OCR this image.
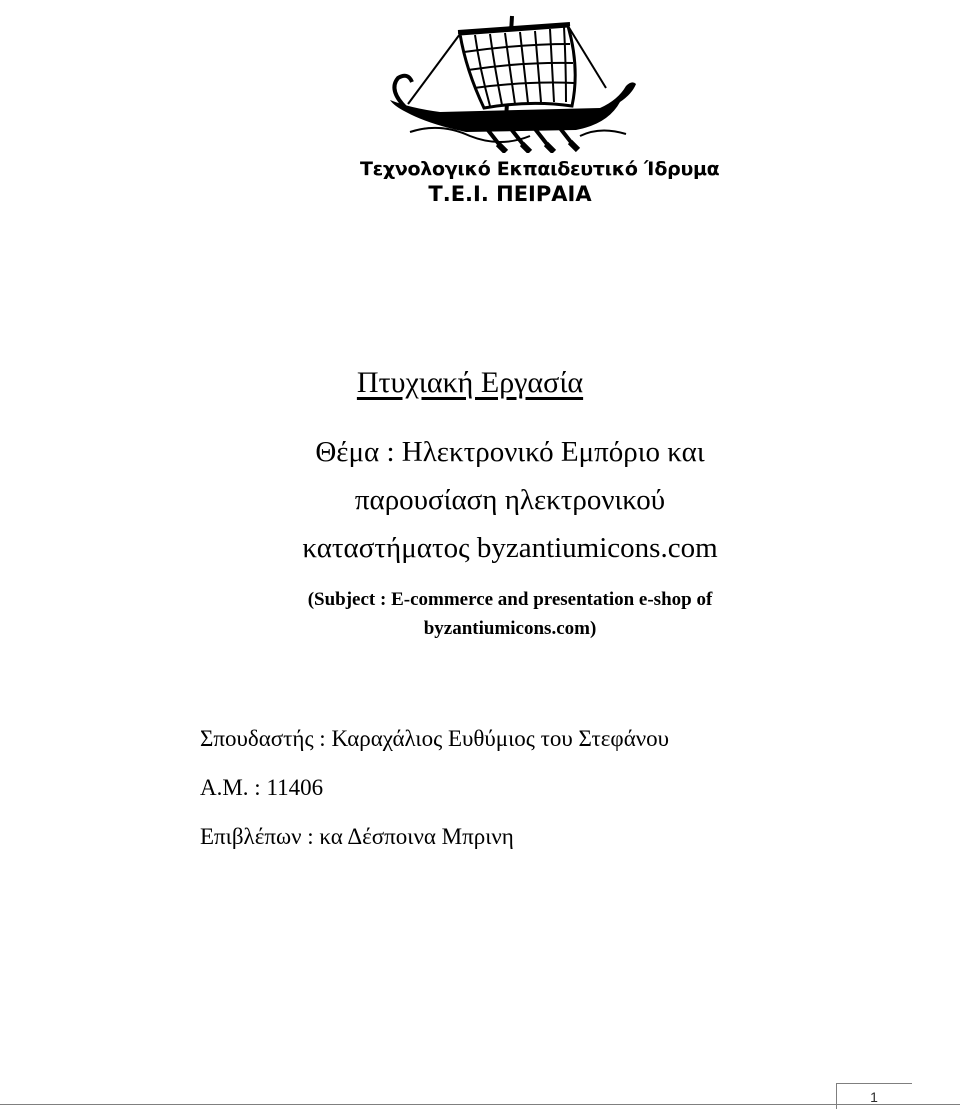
Τεχνολογικό Εκπαιδευτικό Ίδρυμα
Τ.Ε.Ι. ΠΕΙΡΑΙΑ
Πτυχιακή Εργασία
Θέμα : Ηλεκτρονικό Εμπόριο και
παρουσίαση ηλεκτρονικού
καταστήματος byzantiumicons.com
(Subject : E-commerce and presentation e-shop of
byzantiumicons.com)
Σπουδαστής : Καραχάλιος Ευθύμιος του Στεφάνου
Α.Μ. : 11406
Επιβλέπων : κα Δέσποινα Μπρινη
1
